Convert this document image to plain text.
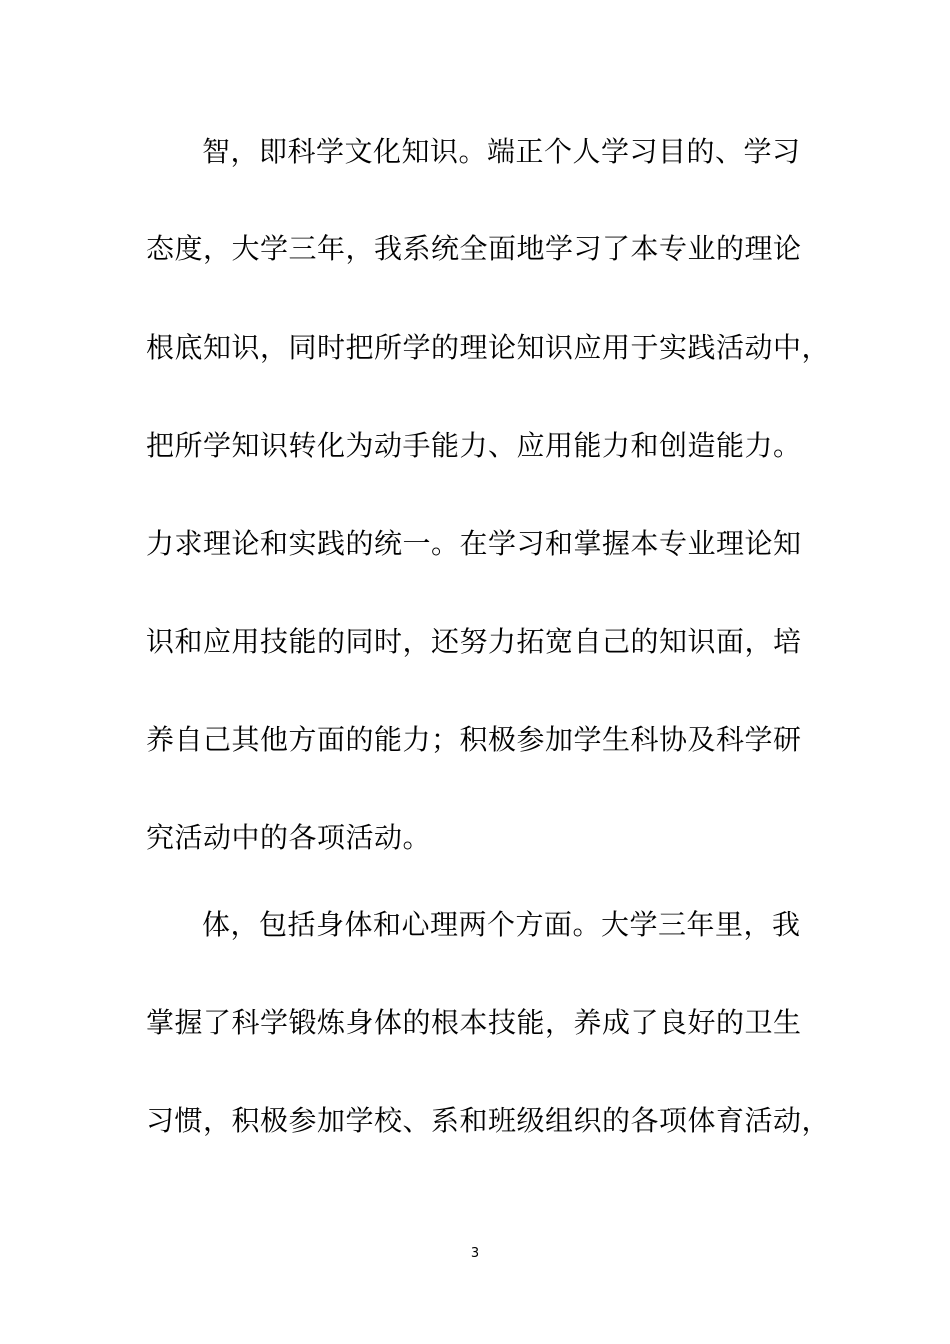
智，即科学文化知识。端正个人学习目的、学习
态度，大学三年，我系统全面地学习了本专业的理论
根底知识，同时把所学的理论知识应用于实践活动中，
把所学知识转化为动手能力、应用能力和创造能力。
力求理论和实践的统一。在学习和掌握本专业理论知
识和应用技能的同时，还努力拓宽自己的知识面，培
养自己其他方面的能力；积极参加学生科协及科学研
究活动中的各项活动。
体，包括身体和心理两个方面。大学三年里，我
掌握了科学锻炼身体的根本技能，养成了良好的卫生
习惯，积极参加学校、系和班级组织的各项体育活动，
3
